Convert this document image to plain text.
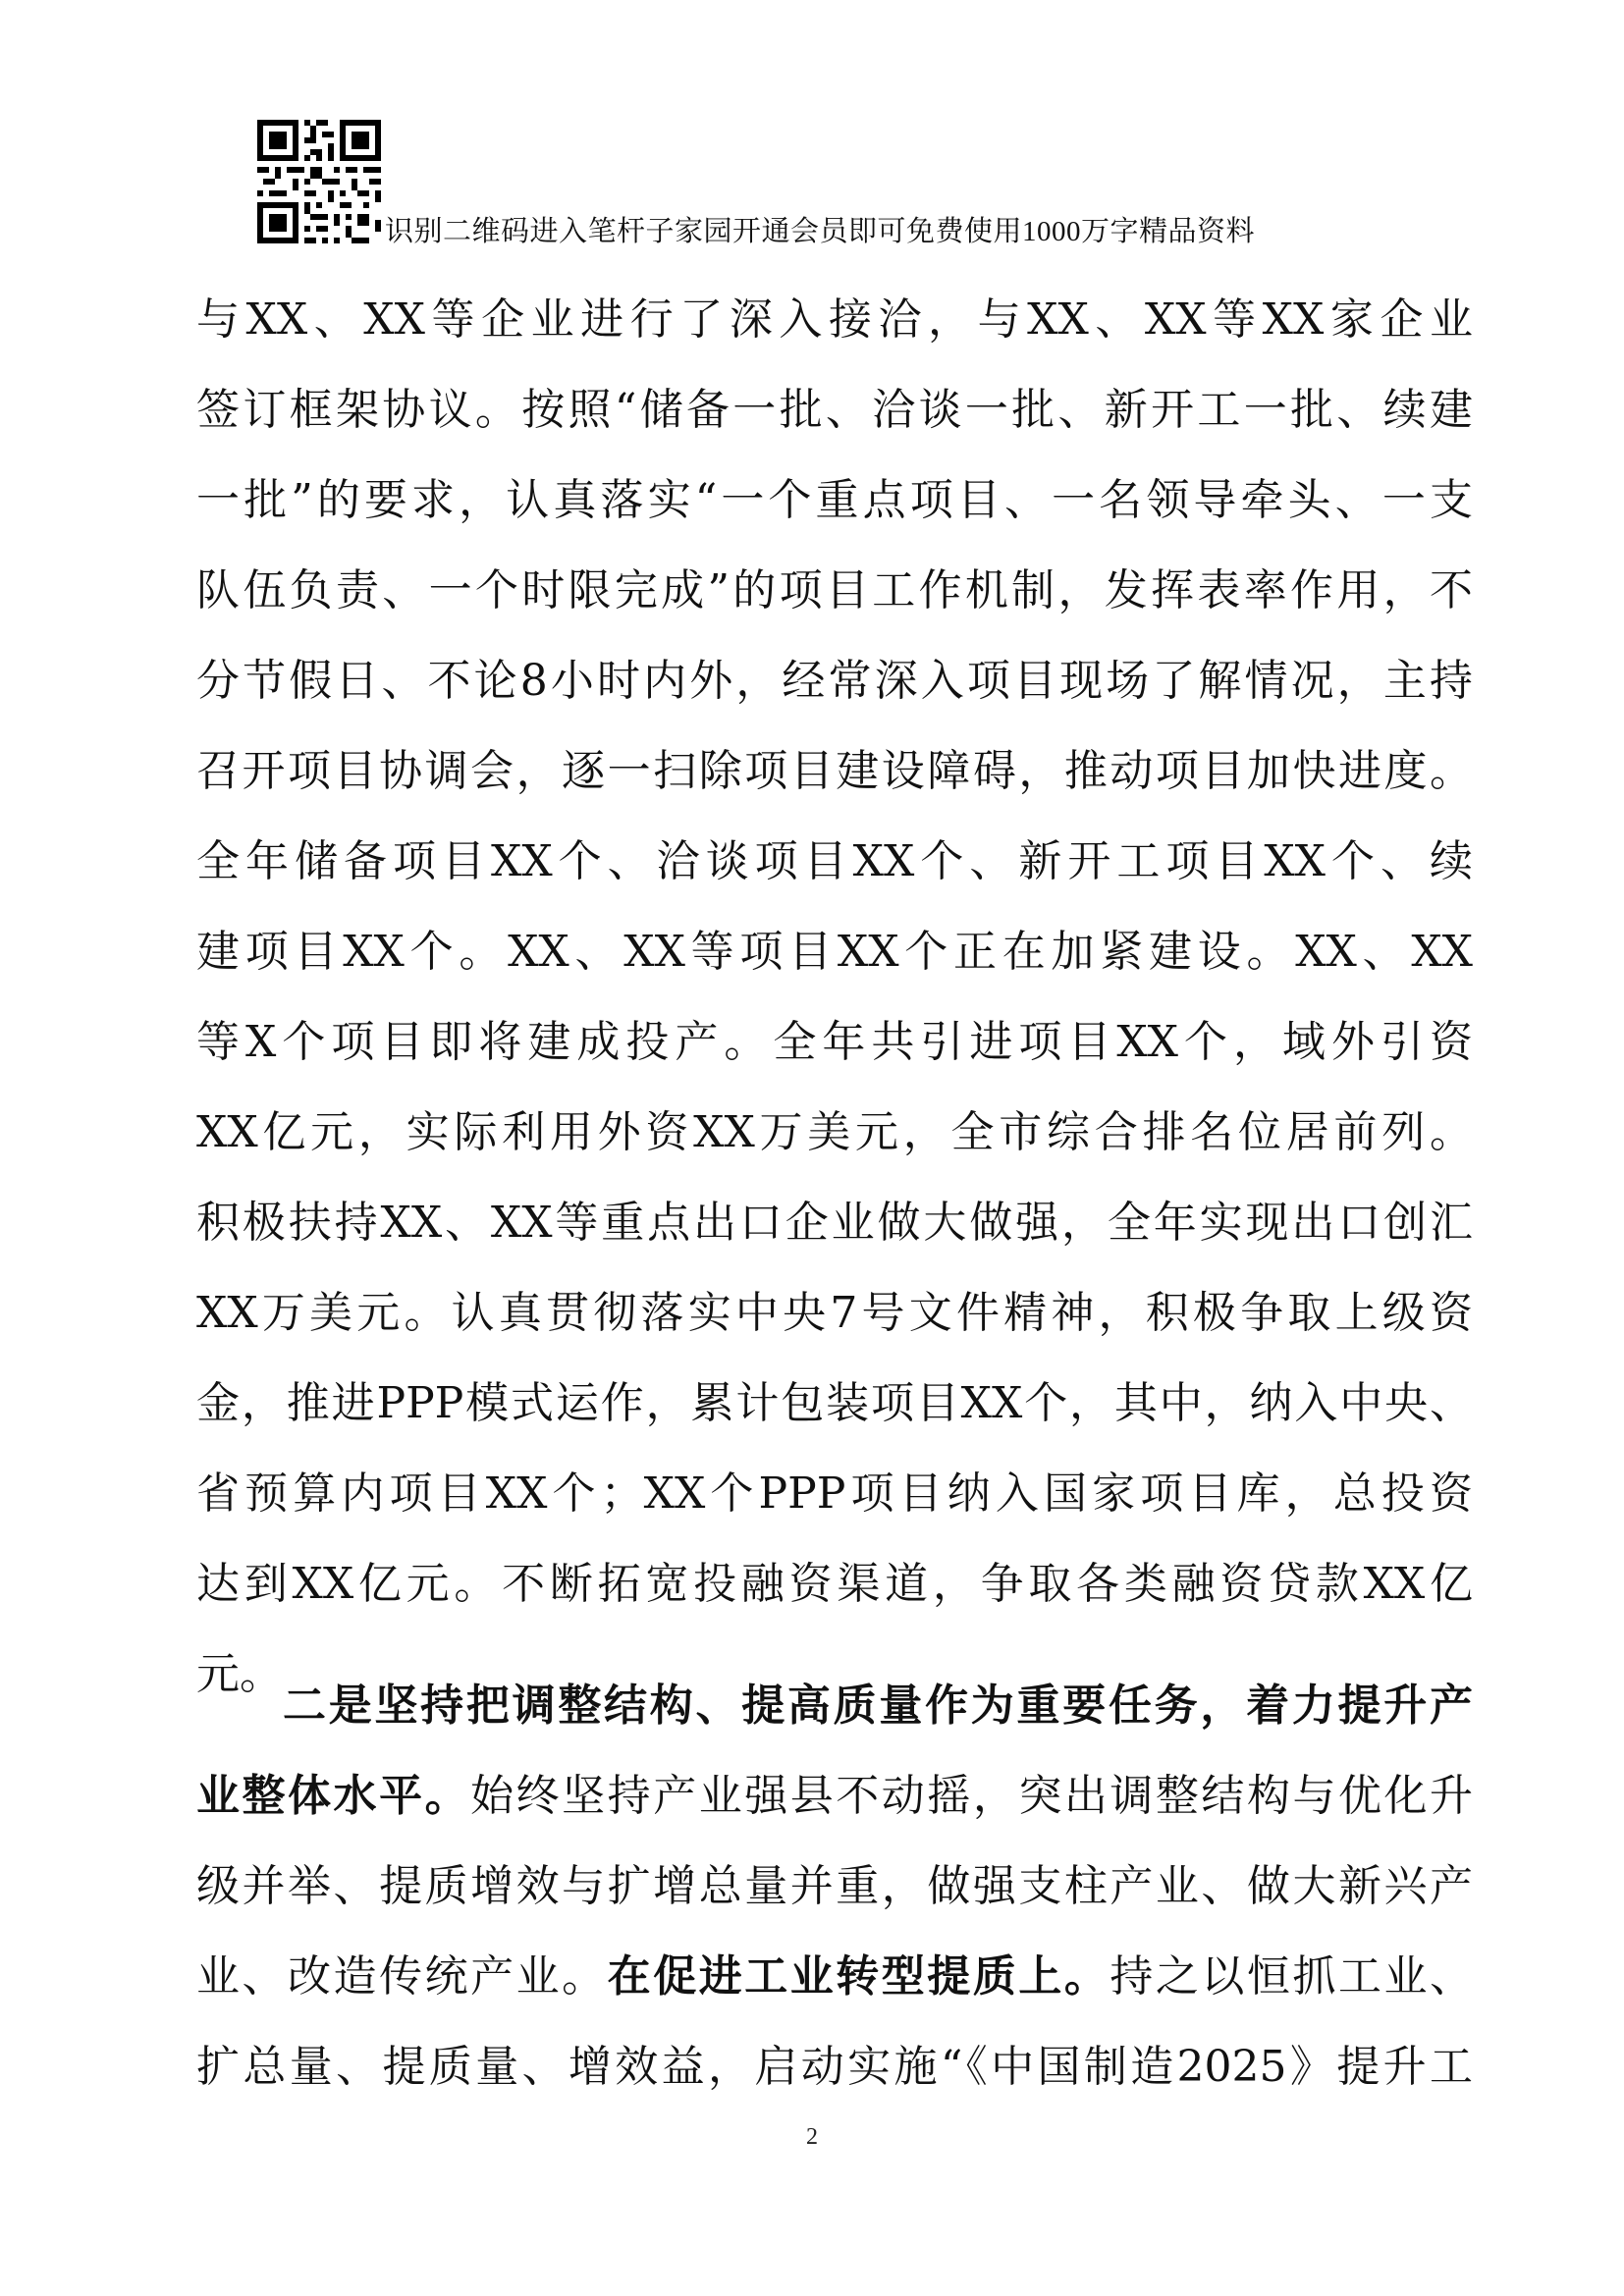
识别二维码进入笔杆子家园开通会员即可免费使用1000万字精品资料
与XX、XX等企业进行了深入接洽，与XX、XX等XX家企业
签订框架协议。按照“储备一批、洽谈一批、新开工一批、续建
一批”的要求，认真落实“一个重点项目、一名领导牵头、一支
队伍负责、一个时限完成”的项目工作机制，发挥表率作用，不
分节假日、不论8小时内外，经常深入项目现场了解情况，主持
召开项目协调会，逐一扫除项目建设障碍，推动项目加快进度。
全年储备项目XX个、洽谈项目XX个、新开工项目XX个、续
建项目XX个。XX、XX等项目XX个正在加紧建设。XX、XX
等X个项目即将建成投产。全年共引进项目XX个，域外引资
XX亿元，实际利用外资XX万美元，全市综合排名位居前列。
积极扶持XX、XX等重点出口企业做大做强，全年实现出口创汇
XX万美元。认真贯彻落实中央7号文件精神，积极争取上级资
金，推进PPP模式运作，累计包装项目XX个，其中，纳入中央、
省预算内项目XX个；XX个PPP项目纳入国家项目库，总投资
达到XX亿元。不断拓宽投融资渠道，争取各类融资贷款XX亿
元。
二是坚持把调整结构、提高质量作为重要任务，着力提升产
业整体水平。始终坚持产业强县不动摇，突出调整结构与优化升
级并举、提质增效与扩增总量并重，做强支柱产业、做大新兴产
业、改造传统产业。在促进工业转型提质上。持之以恒抓工业、
扩总量、提质量、增效益，启动实施“《中国制造2025》提升工
2
